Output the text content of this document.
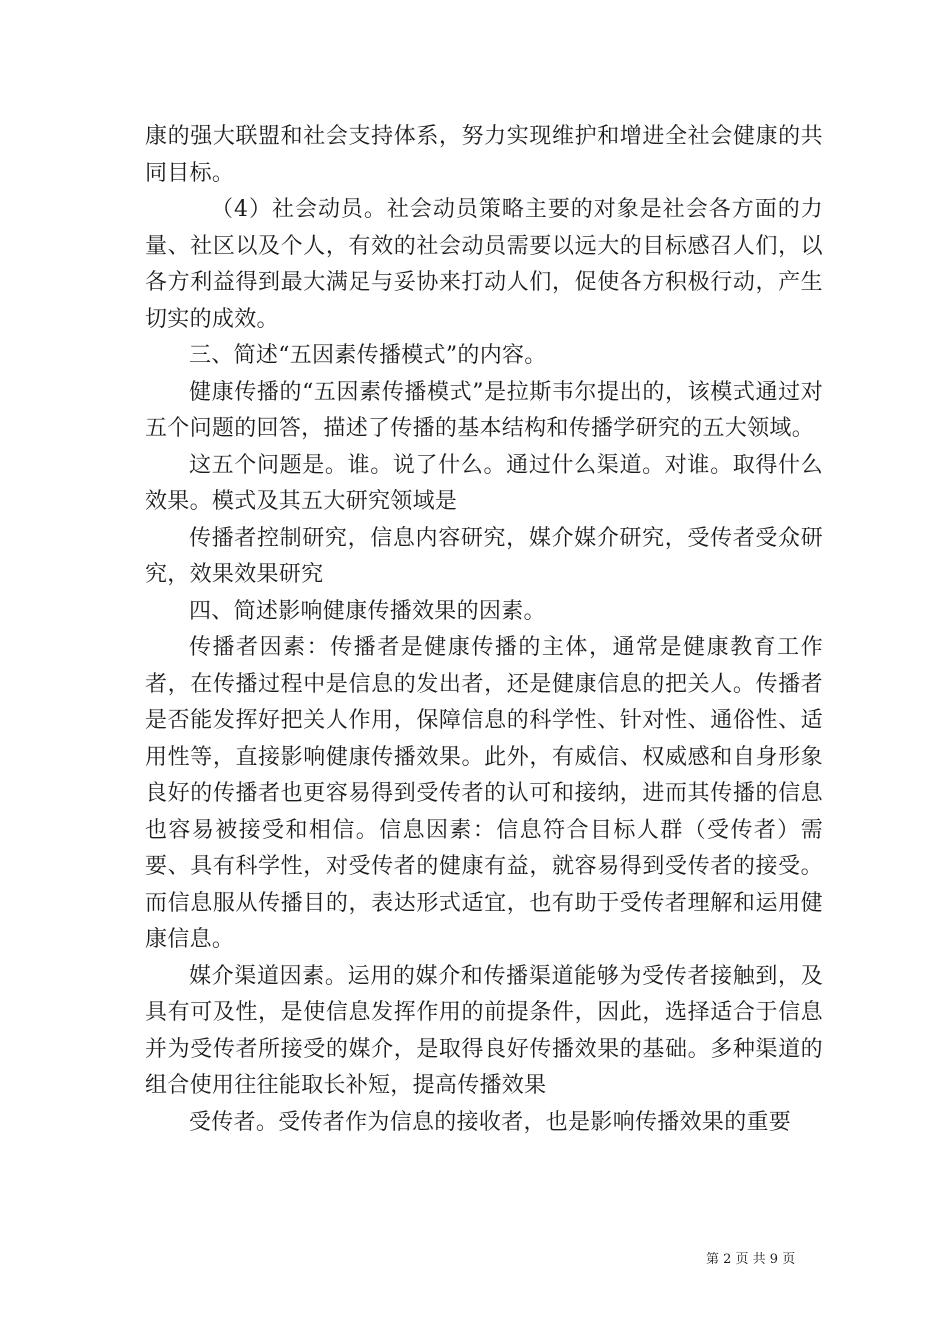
康的强大联盟和社会支持体系，努力实现维护和增进全社会健康的共同目标。

（4）社会动员。社会动员策略主要的对象是社会各方面的力量、社区以及个人，有效的社会动员需要以远大的目标感召人们，以各方利益得到最大满足与妥协来打动人们，促使各方积极行动，产生切实的成效。

三、简述“五因素传播模式”的内容。

健康传播的“五因素传播模式”是拉斯韦尔提出的，该模式通过对五个问题的回答，描述了传播的基本结构和传播学研究的五大领域。

这五个问题是。谁。说了什么。通过什么渠道。对谁。取得什么效果。模式及其五大研究领域是

传播者控制研究，信息内容研究，媒介媒介研究，受传者受众研究，效果效果研究

四、简述影响健康传播效果的因素。

传播者因素：传播者是健康传播的主体，通常是健康教育工作者，在传播过程中是信息的发出者，还是健康信息的把关人。传播者是否能发挥好把关人作用，保障信息的科学性、针对性、通俗性、适用性等，直接影响健康传播效果。此外，有威信、权威感和自身形象良好的传播者也更容易得到受传者的认可和接纳，进而其传播的信息也容易被接受和相信。信息因素：信息符合目标人群（受传者）需要、具有科学性，对受传者的健康有益，就容易得到受传者的接受。而信息服从传播目的，表达形式适宜，也有助于受传者理解和运用健康信息。

媒介渠道因素。运用的媒介和传播渠道能够为受传者接触到，及具有可及性，是使信息发挥作用的前提条件，因此，选择适合于信息并为受传者所接受的媒介，是取得良好传播效果的基础。多种渠道的组合使用往往能取长补短，提高传播效果

受传者。受传者作为信息的接收者，也是影响传播效果的重要

第 2 页 共 9 页
